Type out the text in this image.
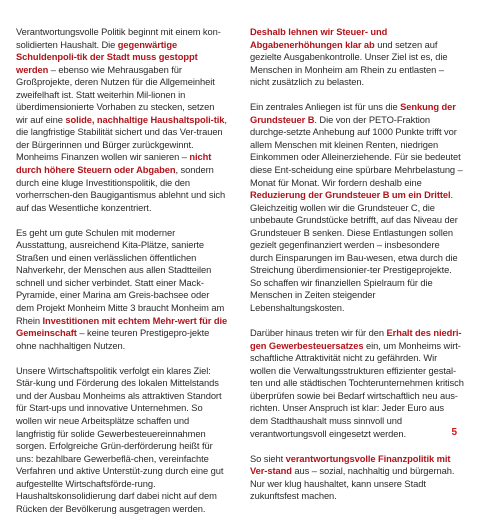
Verantwortungsvolle Politik beginnt mit einem kon-solidierten Haushalt. Die gegenwärtige Schuldenpoli-tik der Stadt muss gestoppt werden – ebenso wie Mehrausgaben für Großprojekte, deren Nutzen für die Allgemeinheit zweifelhaft ist. Statt weiterhin Mil-lionen in überdimensionierte Vorhaben zu stecken, setzen wir auf eine solide, nachhaltige Haushaltspoli-tik, die langfristige Stabilität sichert und das Ver-trauen der Bürgerinnen und Bürger zurückgewinnt. Monheims Finanzen wollen wir sanieren – nicht durch höhere Steuern oder Abgaben, sondern durch eine kluge Investitionspolitik, die den vorherrschen-den Baugigantismus ablehnt und sich auf das Wesentliche konzentriert.

Es geht um gute Schulen mit moderner Ausstattung, ausreichend Kita-Plätze, sanierte Straßen und einen verlässlichen öffentlichen Nahverkehr, der Menschen aus allen Stadtteilen schnell und sicher verbindet. Statt einer Mack-Pyramide, einer Marina am Greis-bachsee oder dem Projekt Monheim Mitte 3 braucht Monheim am Rhein Investitionen mit echtem Mehr-wert für die Gemeinschaft – keine teuren Prestigepro-jekte ohne nachhaltigen Nutzen.

Unsere Wirtschaftspolitik verfolgt ein klares Ziel: Stär-kung und Förderung des lokalen Mittelstands und der Ausbau Monheims als attraktiven Standort für Start-ups und innovative Unternehmen. So wollen wir neue Arbeitsplätze schaffen und langfristig für solide Gewerbesteuereinnahmen sorgen. Erfolgreiche Grün-derförderung heißt für uns: bezahlbare Gewerbeflä-chen, vereinfachte Verfahren und aktive Unterstüt-zung durch eine gut aufgestellte Wirtschaftsförde-rung. Haushaltskonsolidierung darf dabei nicht auf dem Rücken der Bevölkerung ausgetragen werden.

Deshalb lehnen wir Steuer- und Abgabenerhöhungen klar ab und setzen auf gezielte Ausgabenkontrolle. Unser Ziel ist es, die Menschen in Monheim am Rhein zu entlasten – nicht zusätzlich zu belasten.

Ein zentrales Anliegen ist für uns die Senkung der Grundsteuer B. Die von der PETO-Fraktion durchge-setzte Anhebung auf 1000 Punkte trifft vor allem Menschen mit kleinen Renten, niedrigen Einkommen oder Alleinerziehende. Für sie bedeutet diese Ent-scheidung eine spürbare Mehrbelastung – Monat für Monat. Wir fordern deshalb eine Reduzierung der Grundsteuer B um ein Drittel. Gleichzeitig wollen wir die Grundsteuer C, die unbebaute Grundstücke betrifft, auf das Niveau der Grundsteuer B senken. Diese Entlastungen sollen gezielt gegenfinanziert werden – insbesondere durch Einsparungen im Bau-wesen, etwa durch die Streichung überdimensionier-ter Prestigeprojekte. So schaffen wir finanziellen Spielraum für die Menschen in Zeiten steigender Lebenshaltungskosten.

Darüber hinaus treten wir für den Erhalt des niedri-gen Gewerbesteuersatzes ein, um Monheims wirt-schaftliche Attraktivität nicht zu gefährden. Wir wollen die Verwaltungsstrukturen effizienter gestal-ten und alle städtischen Tochterunternehmen kritisch überprüfen sowie bei Bedarf wirtschaftlich neu aus-richten. Unser Anspruch ist klar: Jeder Euro aus dem Stadthaushalt muss sinnvoll und verantwortungsvoll eingesetzt werden.

So sieht verantwortungsvolle Finanzpolitik mit Ver-stand aus – sozial, nachhaltig und bürgernah. Nur wer klug haushaltet, kann unsere Stadt zukunftsfest machen.

5
